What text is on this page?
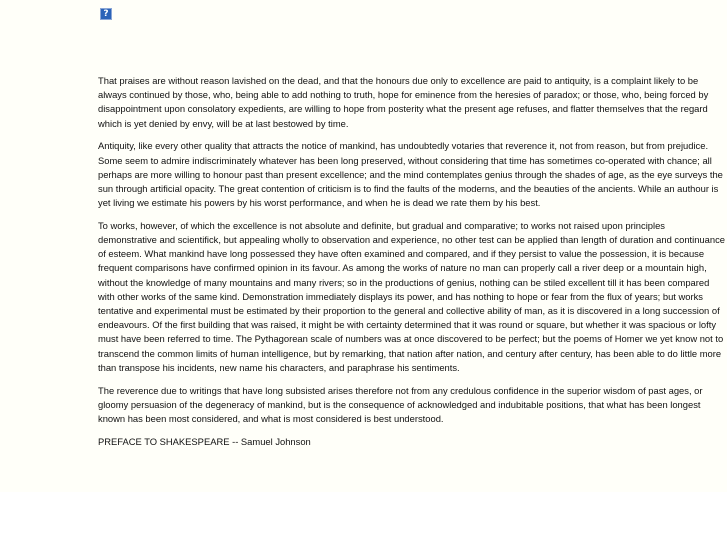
?

That praises are without reason lavished on the dead, and that the honours due only to excellence are paid to antiquity, is a complaint likely to be always continued by those, who, being able to add nothing to truth, hope for eminence from the heresies of paradox; or those, who, being forced by disappointment upon consolatory expedients, are willing to hope from posterity what the present age refuses, and flatter themselves that the regard which is yet denied by envy, will be at last bestowed by time.

Antiquity, like every other quality that attracts the notice of mankind, has undoubtedly votaries that reverence it, not from reason, but from prejudice. Some seem to admire indiscriminately whatever has been long preserved, without considering that time has sometimes co-operated with chance; all perhaps are more willing to honour past than present excellence; and the mind contemplates genius through the shades of age, as the eye surveys the sun through artificial opacity. The great contention of criticism is to find the faults of the moderns, and the beauties of the ancients. While an authour is yet living we estimate his powers by his worst performance, and when he is dead we rate them by his best.

To works, however, of which the excellence is not absolute and definite, but gradual and comparative; to works not raised upon principles demonstrative and scientifick, but appealing wholly to observation and experience, no other test can be applied than length of duration and continuance of esteem. What mankind have long possessed they have often examined and compared, and if they persist to value the possession, it is because frequent comparisons have confirmed opinion in its favour. As among the works of nature no man can properly call a river deep or a mountain high, without the knowledge of many mountains and many rivers; so in the productions of genius, nothing can be stiled excellent till it has been compared with other works of the same kind. Demonstration immediately displays its power, and has nothing to hope or fear from the flux of years; but works tentative and experimental must be estimated by their proportion to the general and collective ability of man, as it is discovered in a long succession of endeavours. Of the first building that was raised, it might be with certainty determined that it was round or square, but whether it was spacious or lofty must have been referred to time. The Pythagorean scale of numbers was at once discovered to be perfect; but the poems of Homer we yet know not to transcend the common limits of human intelligence, but by remarking, that nation after nation, and century after century, has been able to do little more than transpose his incidents, new name his characters, and paraphrase his sentiments.

The reverence due to writings that have long subsisted arises therefore not from any credulous confidence in the superior wisdom of past ages, or gloomy persuasion of the degeneracy of mankind, but is the consequence of acknowledged and indubitable positions, that what has been longest known has been most considered, and what is most considered is best understood.

PREFACE TO SHAKESPEARE -- Samuel Johnson
